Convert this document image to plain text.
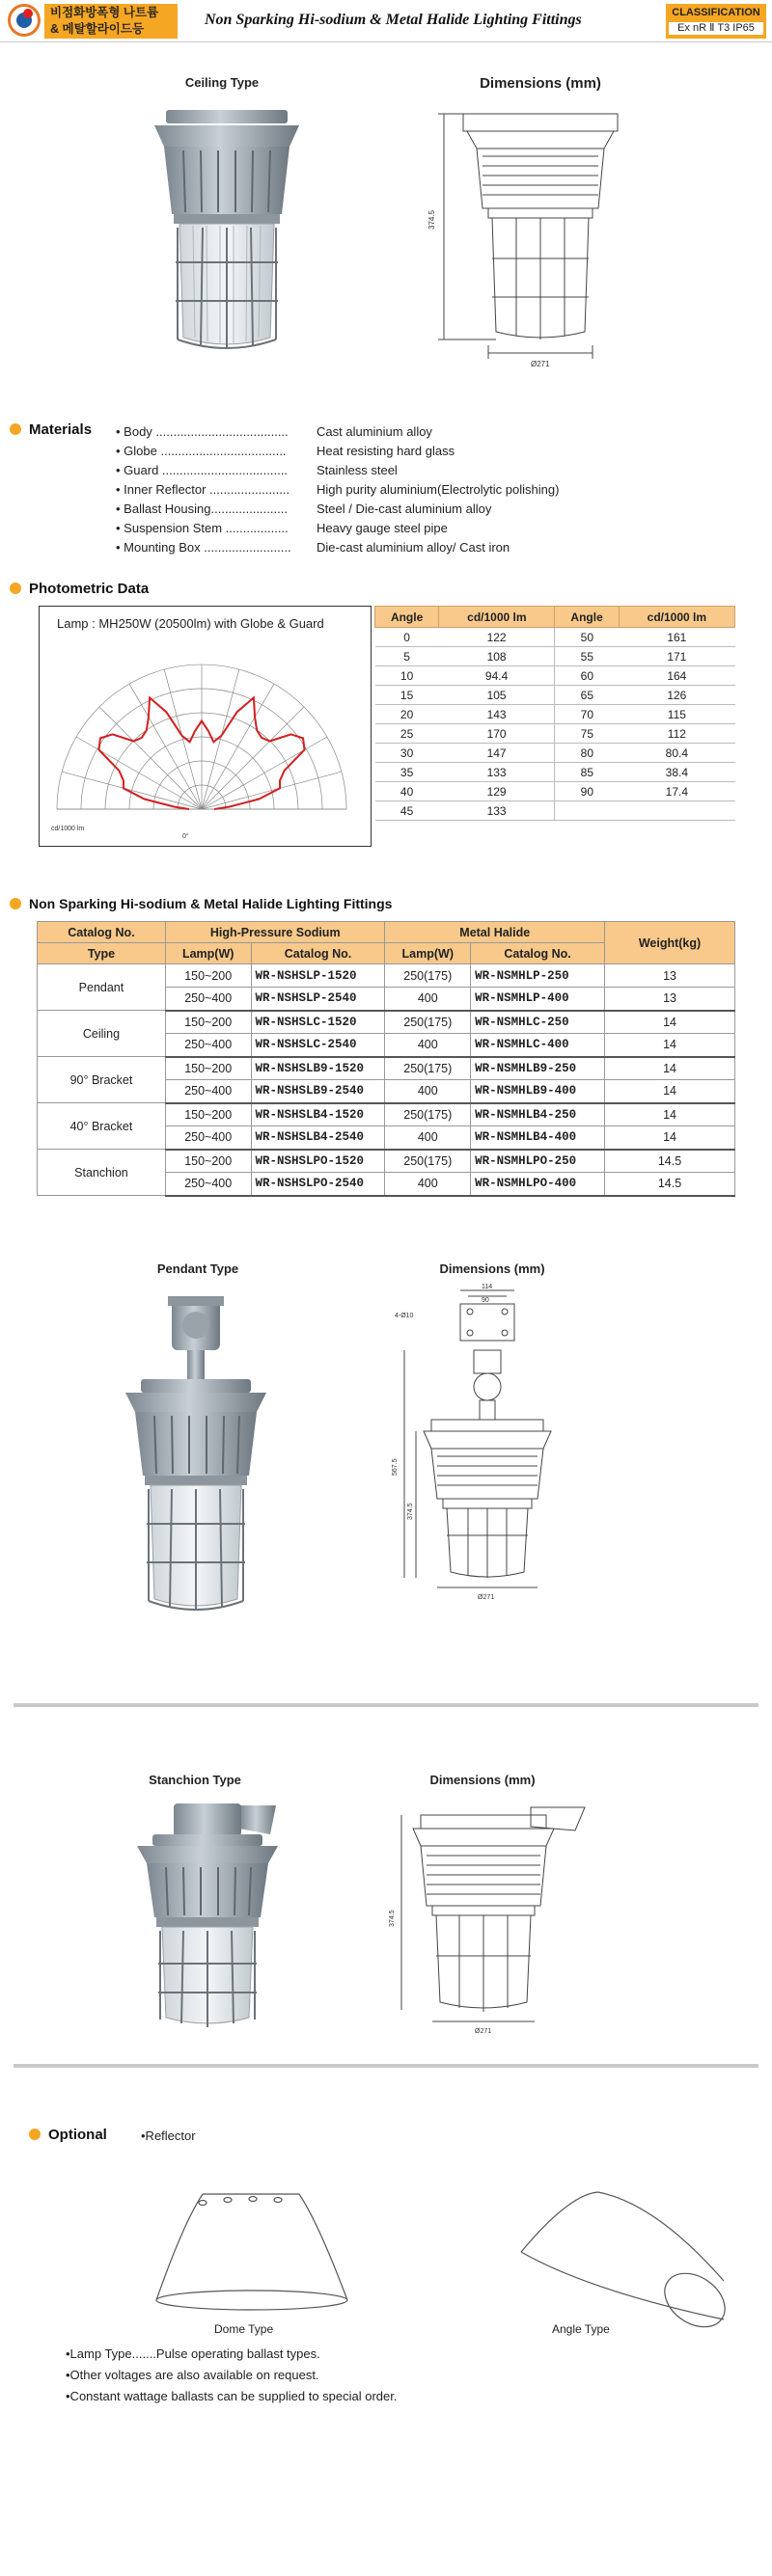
비점화방폭형 나트륨
& 메탈할라이드등
Non Sparking Hi-sodium & Metal Halide Lighting Fittings	CLASSIFICATION
Ex nR Ⅱ T3 IP65
Ceiling Type	Dimensions (mm)
374.5
Ø271
Materials • Body ......................................	Cast aluminium alloy
• Globe ....................................	Heat resisting hard glass
• Guard ....................................	Stainless steel
• Inner Reflector .......................	High purity aluminium(Electrolytic polishing)
• Ballast Housing......................	Steel / Die-cast aluminium alloy
• Suspension Stem ..................	Heavy gauge steel pipe
• Mounting Box .........................	Die-cast aluminium alloy/ Cast iron
Photometric Data
Lamp : MH250W (20500lm) with Globe & Guard
cd/1000 lm
0°
Angle	cd/1000 lm	Angle	cd/1000 lm
0	122	50	161
5	108	55	171
10	94.4	60	164
15	105	65	126
20	143	70	115
25	170	75	112
30	147	80	80.4
35	133	85	38.4
40	129	90	17.4
45	133		
Non Sparking Hi-sodium & Metal Halide Lighting Fittings
Catalog No.	High-Pressure Sodium		Metal Halide		Weight(kg)
Type	Lamp(W)	Catalog No.	Lamp(W)	Catalog No.	
Pendant	150~200	WR-NSHSLP-1520	250(175)	WR-NSMHLP-250	13
	250~400	WR-NSHSLP-2540	400	WR-NSMHLP-400	13
Ceiling	150~200	WR-NSHSLC-1520	250(175)	WR-NSMHLC-250	14
	250~400	WR-NSHSLC-2540	400	WR-NSMHLC-400	14
90° Bracket	150~200	WR-NSHSLB9-1520	250(175)	WR-NSMHLB9-250	14
	250~400	WR-NSHSLB9-2540	400	WR-NSMHLB9-400	14
40° Bracket	150~200	WR-NSHSLB4-1520	250(175)	WR-NSMHLB4-250	14
	250~400	WR-NSHSLB4-2540	400	WR-NSMHLB4-400	14
Stanchion	150~200	WR-NSHSLPO-1520	250(175)	WR-NSMHLPO-250	14.5
	250~400	WR-NSHSLPO-2540	400	WR-NSMHLPO-400	14.5
Pendant Type	Dimensions (mm)
4-Ø10
114
90
567.5
374.5
Ø271
Stanchion Type	Dimensions (mm)
374.5
Ø271
Optional	•Reflector
Dome Type	Angle Type
•Lamp Type.......Pulse operating ballast types.
•Other voltages are also available on request.
•Constant wattage ballasts can be supplied to special order.
